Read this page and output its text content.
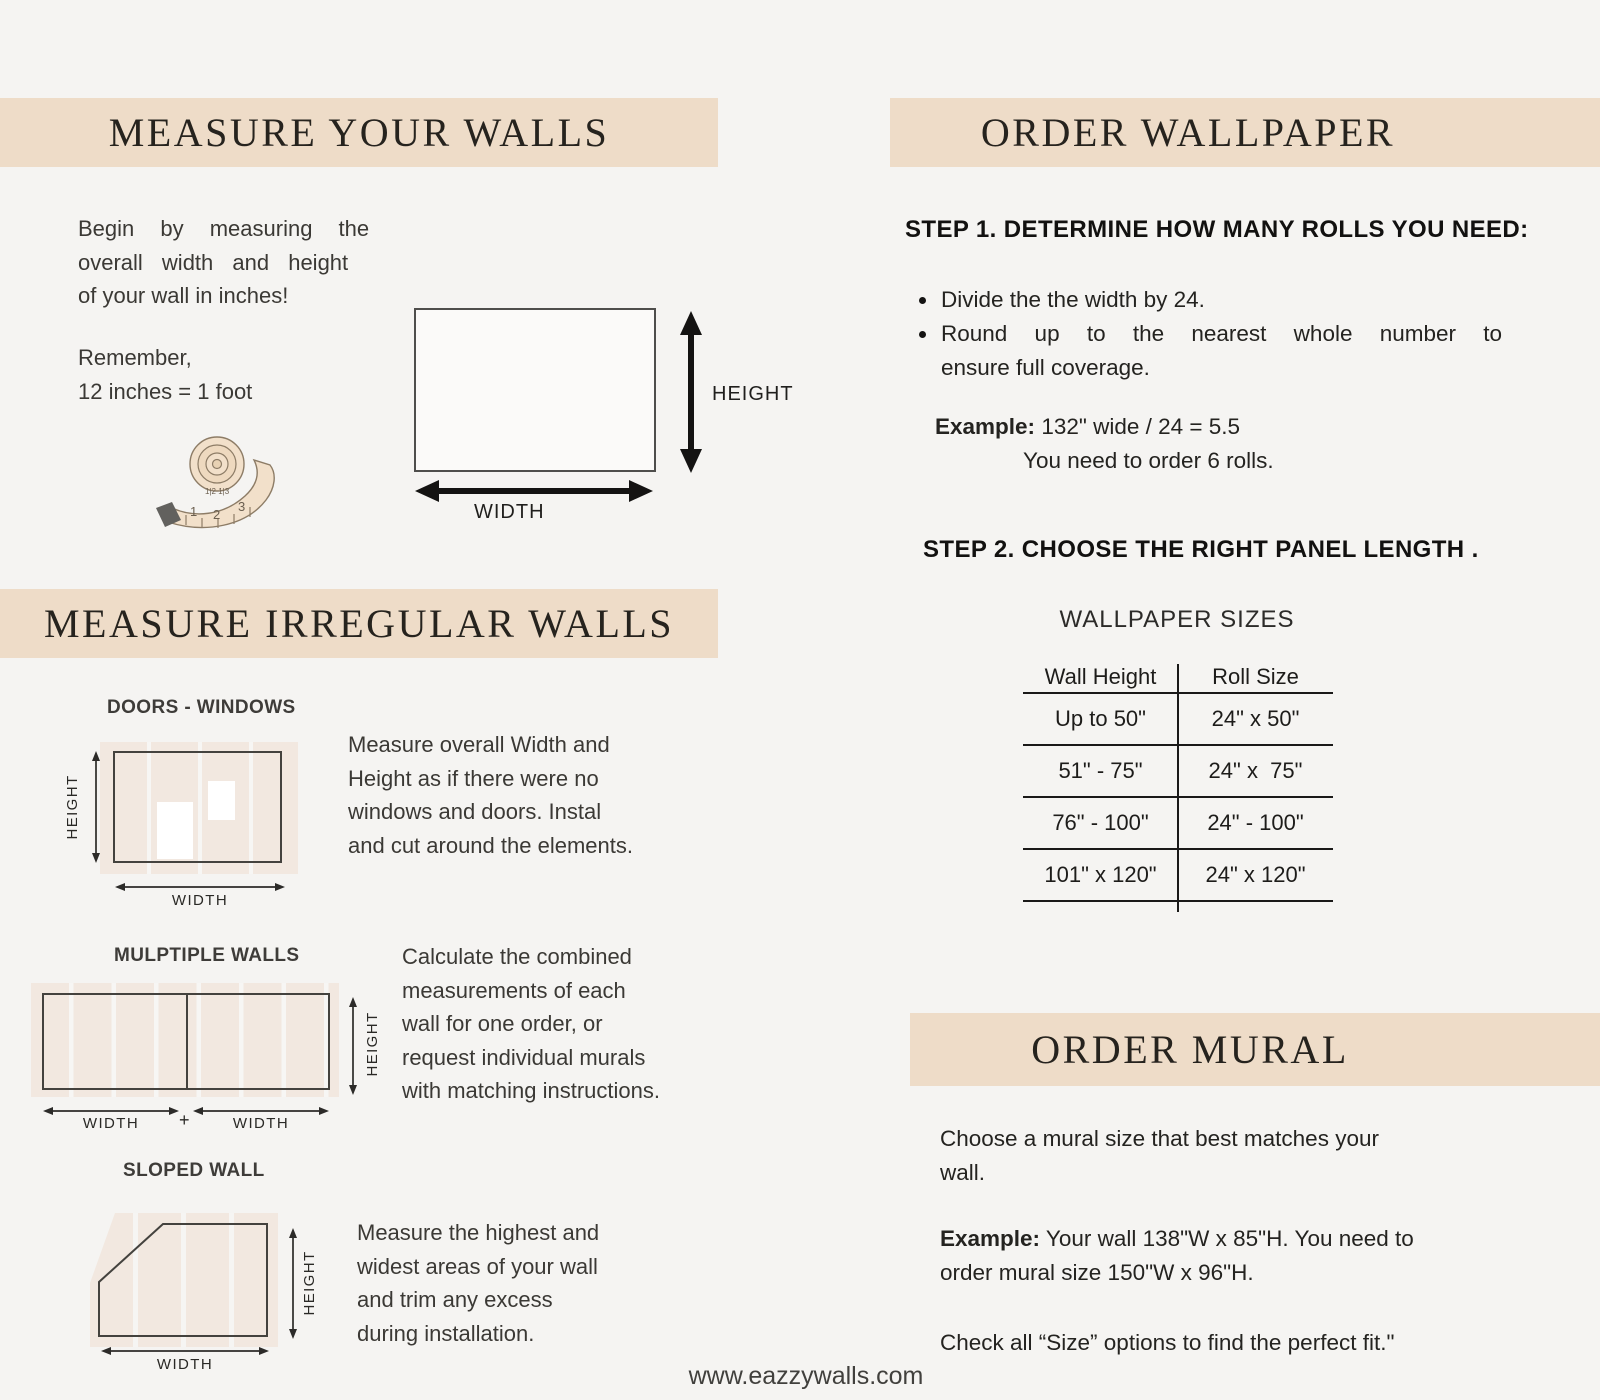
MEASURE YOUR WALLS
Begin by measuring the
overall width and height
of your wall in inches!
Remember,
12 inches = 1 foot
1 2
3
1|2 1|3
HEIGHT
WIDTH
MEASURE IRREGULAR WALLS
DOORS - WINDOWS
HEIGHT
WIDTH
Measure overall Width and
Height as if there were no
windows and doors. Instal
and cut around the elements.
MULPTIPLE WALLS
HEIGHT
WIDTH	+	WIDTH
Calculate the combined
measurements of each
wall for one order, or
request individual murals
with matching instructions.
SLOPED WALL
HEIGHT
WIDTH
Measure the highest and
widest areas of your wall
and trim any excess
during installation.
www.eazzywalls.com
ORDER WALLPAPER
STEP 1. DETERMINE HOW MANY ROLLS YOU NEED:
Divide the the width by 24.
Round up to the nearest whole number to
ensure full coverage.
Example: 132" wide / 24 = 5.5
You need to order 6 rolls.
STEP 2. CHOOSE THE RIGHT PANEL LENGTH .
WALLPAPER SIZES
Wall Height	Roll Size
Up to 50"	24" x 50"
51" - 75"	24" x  75"
76" - 100"	24" - 100"
101" x 120"	24" x 120"
ORDER MURAL
Choose a mural size that best matches your
wall.
Example: Your wall 138"W x 85"H. You need to
order mural size 150"W x 96"H.
Check all “Size” options to find the perfect fit."
